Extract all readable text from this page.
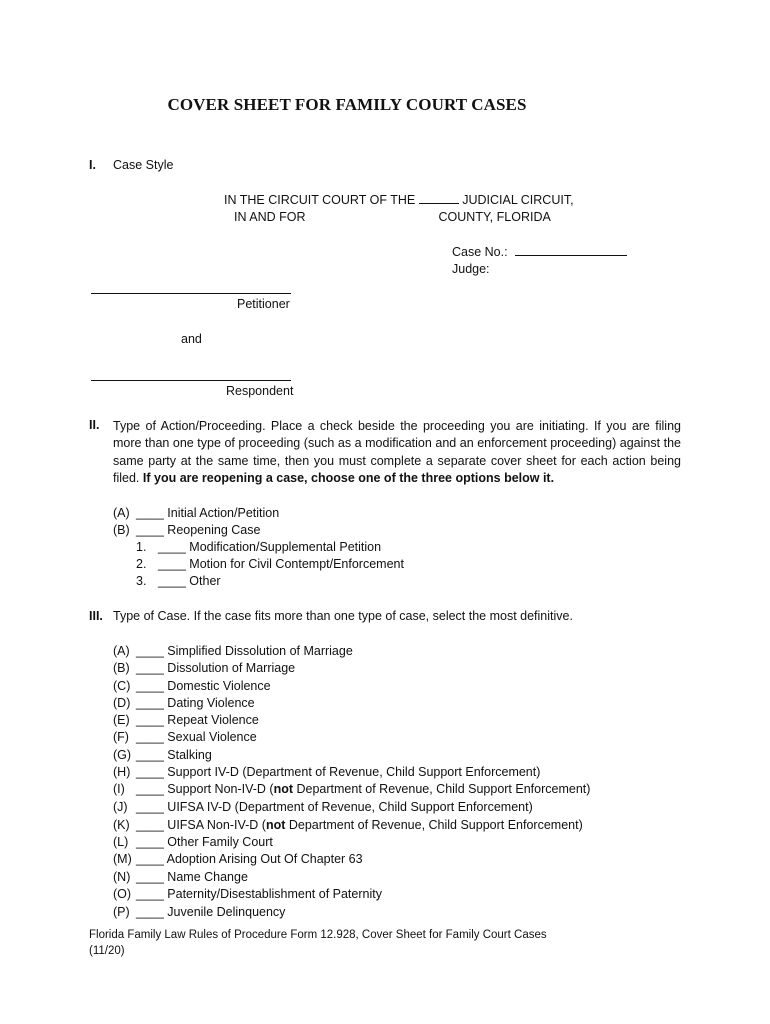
COVER SHEET FOR FAMILY COURT CASES
I. Case Style
IN THE CIRCUIT COURT OF THE	JUDICIAL CIRCUIT,
IN AND FOR	COUNTY, FLORIDA
Case No.:
Judge:
Petitioner
and
Respondent
II. Type of Action/Proceeding. Place a check beside the proceeding you are initiating. If you are filing more than one type of proceeding (such as a modification and an enforcement proceeding) against the same party at the same time, then you must complete a separate cover sheet for each action being filed. If you are reopening a case, choose one of the three options below it.
(A) ____ Initial Action/Petition
(B) ____ Reopening Case
1. ____ Modification/Supplemental Petition
2. ____ Motion for Civil Contempt/Enforcement
3. ____ Other
III. Type of Case. If the case fits more than one type of case, select the most definitive.
(A) ____ Simplified Dissolution of Marriage
(B) ____ Dissolution of Marriage
(C) ____ Domestic Violence
(D) ____ Dating Violence
(E) ____ Repeat Violence
(F) ____ Sexual Violence
(G) ____ Stalking
(H) ____ Support IV-D (Department of Revenue, Child Support Enforcement)
(I) ____ Support Non-IV-D (not Department of Revenue, Child Support Enforcement)
(J) ____ UIFSA IV-D (Department of Revenue, Child Support Enforcement)
(K) ____ UIFSA Non-IV-D (not Department of Revenue, Child Support Enforcement)
(L) ____ Other Family Court
(M) ____ Adoption Arising Out Of Chapter 63
(N) ____ Name Change
(O) ____ Paternity/Disestablishment of Paternity
(P) ____ Juvenile Delinquency
Florida Family Law Rules of Procedure Form 12.928, Cover Sheet for Family Court Cases
(11/20)
